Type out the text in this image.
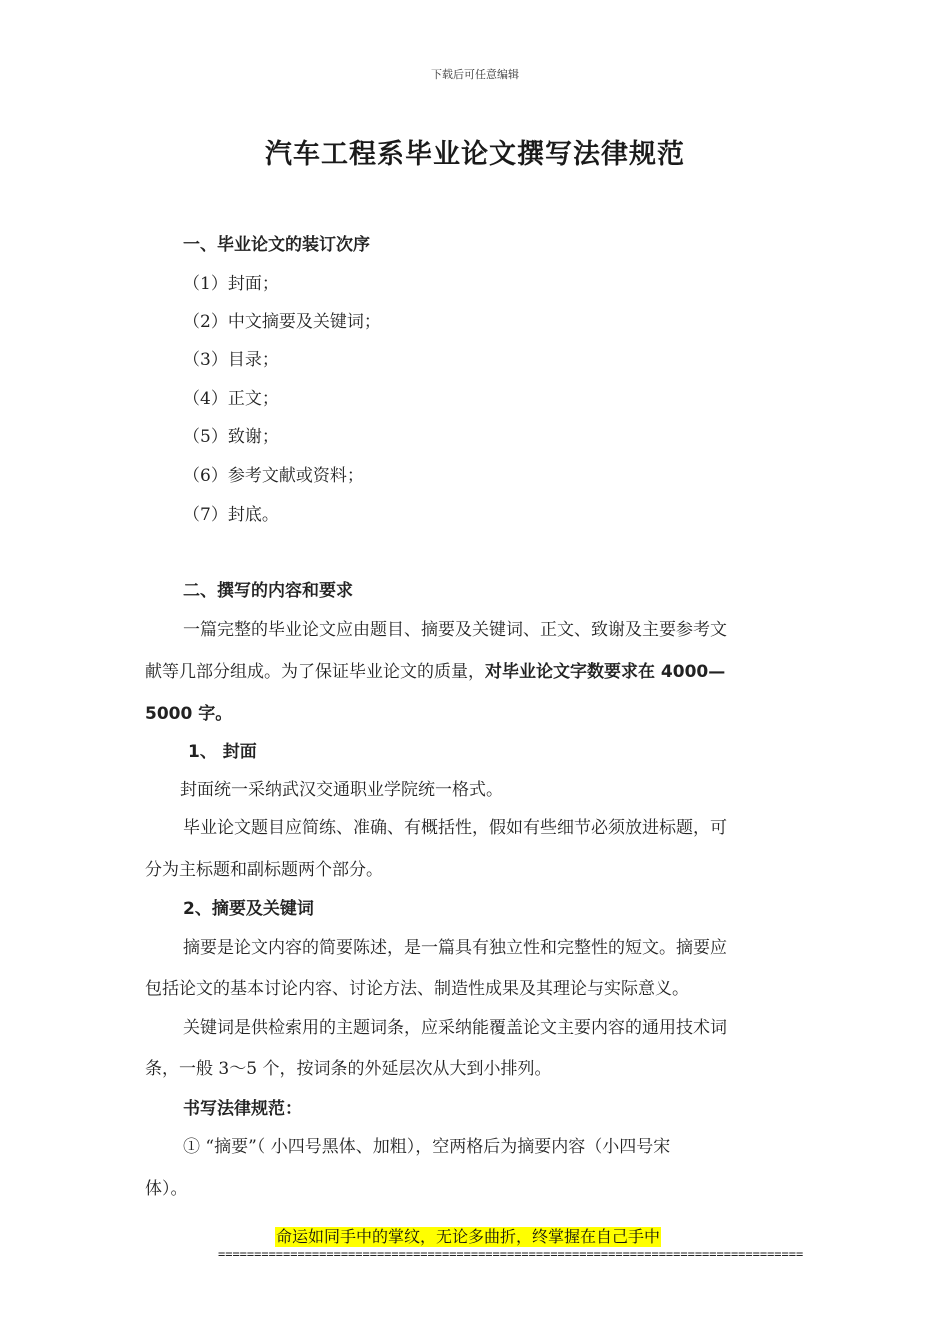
下载后可任意编辑
汽车工程系毕业论文撰写法律规范
一、毕业论文的装订次序
（1）封面；
（2）中文摘要及关键词；
（3）目录；
（4）正文；
（5）致谢；
（6）参考文献或资料；
（7）封底。
二、撰写的内容和要求
一篇完整的毕业论文应由题目、摘要及关键词、正文、致谢及主要参考文
献等几部分组成。为了保证毕业论文的质量，对毕业论文字数要求在 4000—
5000 字。
1、 封面
封面统一采纳武汉交通职业学院统一格式。
毕业论文题目应简练、准确、有概括性，假如有些细节必须放进标题，可
分为主标题和副标题两个部分。
2、摘要及关键词
摘要是论文内容的简要陈述，是一篇具有独立性和完整性的短文。摘要应
包括论文的基本讨论内容、讨论方法、制造性成果及其理论与实际意义。
关键词是供检索用的主题词条，应采纳能覆盖论文主要内容的通用技术词
条，一般 3～5 个，按词条的外延层次从大到小排列。
书写法律规范：
① “摘要”（ 小四号黑体、加粗），空两格后为摘要内容（小四号宋
体）。
命运如同手中的掌纹，无论多曲折，终掌握在自己手中
=================================================================================
